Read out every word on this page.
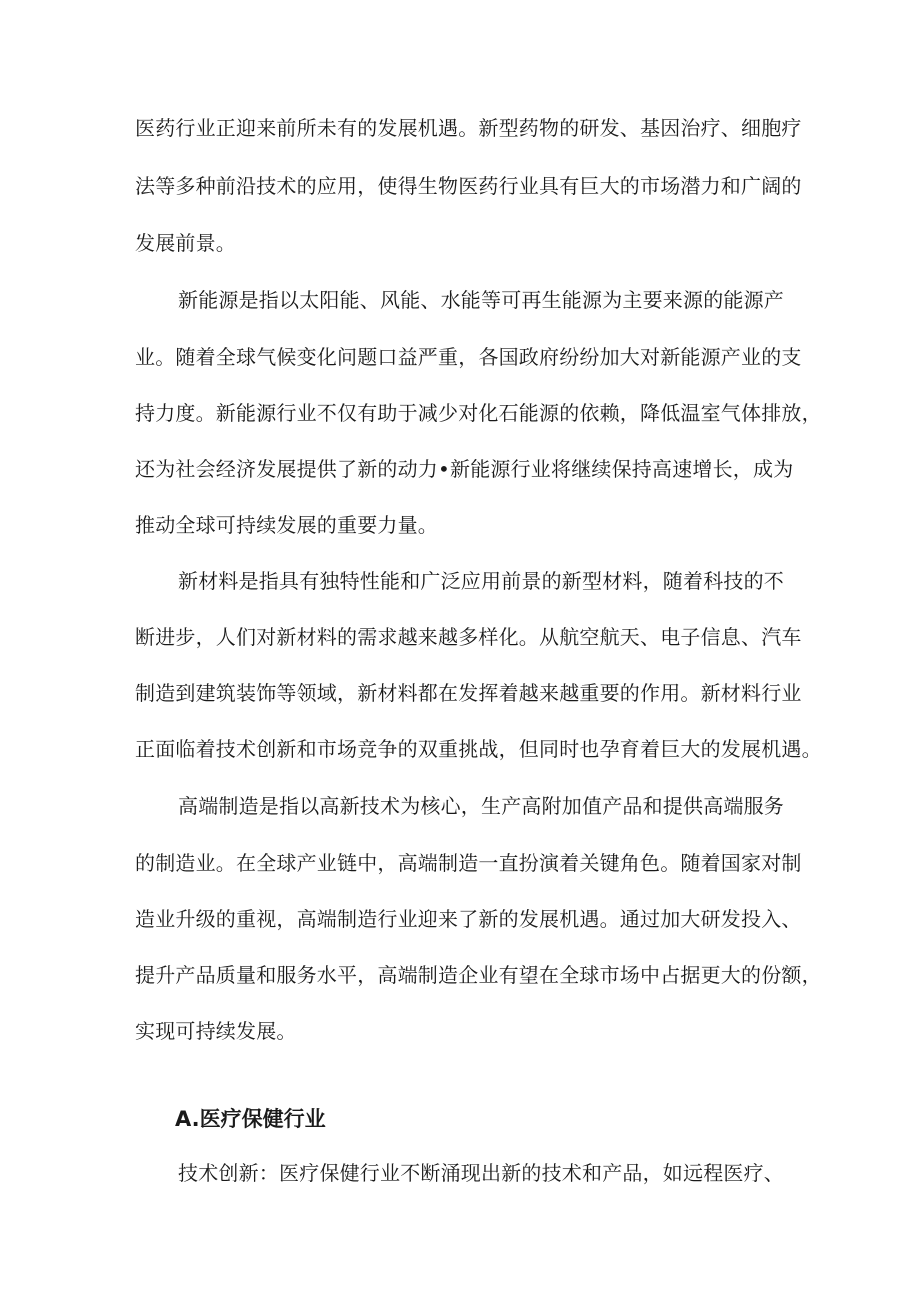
医药行业正迎来前所未有的发展机遇。新型药物的研发、基因治疗、细胞疗
法等多种前沿技术的应用，使得生物医药行业具有巨大的市场潜力和广阔的
发展前景。
新能源是指以太阳能、风能、水能等可再生能源为主要来源的能源产
业。随着全球气候变化问题口益严重，各国政府纷纷加大对新能源产业的支
持力度。新能源行业不仅有助于减少对化石能源的依赖，降低温室气体排放，
还为社会经济发展提供了新的动力•新能源行业将继续保持高速增长，成为
推动全球可持续发展的重要力量。
新材料是指具有独特性能和广泛应用前景的新型材料，随着科技的不
断进步，人们对新材料的需求越来越多样化。从航空航天、电子信息、汽车
制造到建筑装饰等领域，新材料都在发挥着越来越重要的作用。新材料行业
正面临着技术创新和市场竞争的双重挑战，但同时也孕育着巨大的发展机遇。
高端制造是指以高新技术为核心，生产高附加值产品和提供高端服务
的制造业。在全球产业链中，高端制造一直扮演着关键角色。随着国家对制
造业升级的重视，高端制造行业迎来了新的发展机遇。通过加大研发投入、
提升产品质量和服务水平，高端制造企业有望在全球市场中占据更大的份额，
实现可持续发展。
A.医疗保健行业
技术创新：医疗保健行业不断涌现出新的技术和产品，如远程医疗、
